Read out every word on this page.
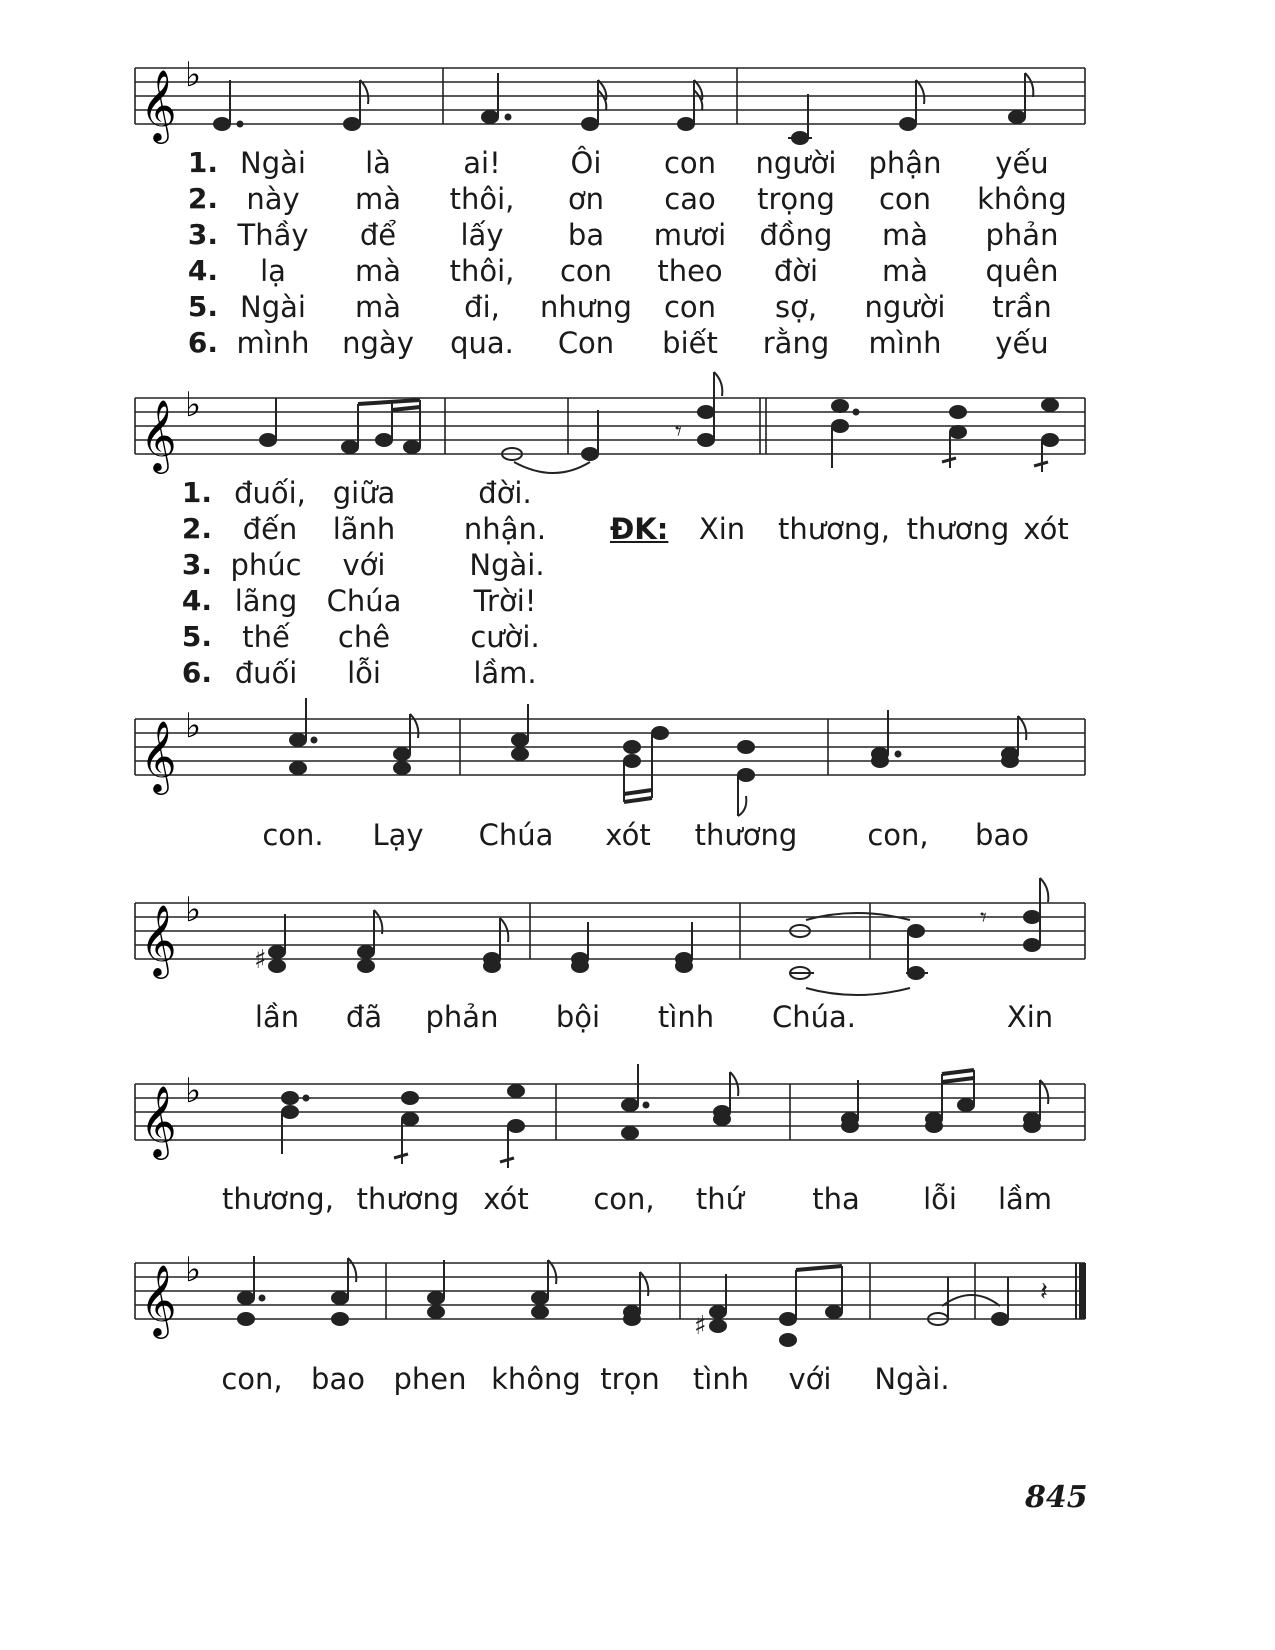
𝄞 ♭
1. Ngài là ai! Ôi con người phận yếu
2. này mà thôi, ơn cao trọng con không
3. Thầy để lấy ba mươi đồng mà phản
4. lạ mà thôi, con theo đời mà quên
5. Ngài mà đi, nhưng con sợ, người trần
6. mình ngày qua. Con biết rằng mình yếu
𝄞 ♭
𝄾
1. đuối, giữa	đời.
2. đến lãnh nhận. ĐK: Xin thương, thương xót
3. phúc với	Ngài.
4. lãng Chúa Trời!
5. thế chê	cười.
6. đuối lỗi	lầm.
𝄞 ♭
con. Lạy Chúa xót thương con, bao
𝄞 ♭
♯
𝄾
lần đã phản bội tình Chúa.	Xin
𝄞 ♭
thương, thương xót con, thứ tha lỗi lầm
𝄞 ♭
♯
𝄽
con, bao phen không trọn tình với Ngài.
845
